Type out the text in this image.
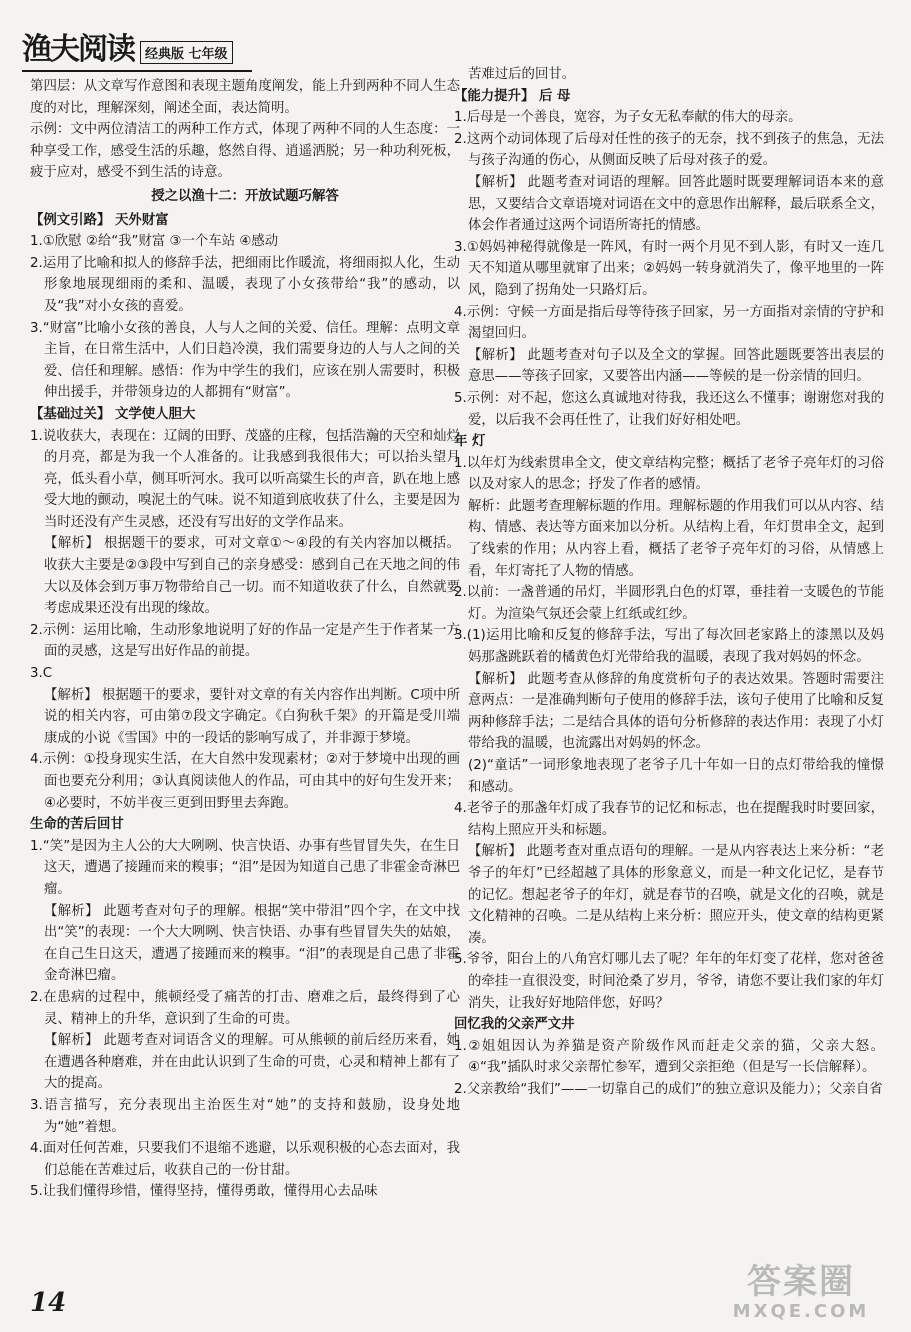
渔夫阅读 经典版 七年级
第四层：从文章写作意图和表现主题角度阐发，能上升到两种不同人生态度的对比，理解深刻，阐述全面，表达简明。
示例：文中两位清洁工的两种工作方式，体现了两种不同的人生态度：一种享受工作，感受生活的乐趣，悠然自得、逍遥洒脱；另一种功利死板，疲于应对，感受不到生活的诗意。
授之以渔十二：开放试题巧解答
【例文引路】 天外财富
1.①欣慰 ②给“我”财富 ③一个车站 ④感动
2.运用了比喻和拟人的修辞手法，把细雨比作暖流，将细雨拟人化，生动形象地展现细雨的柔和、温暖，表现了小女孩带给“我”的感动，以及“我”对小女孩的喜爱。
3.“财富”比喻小女孩的善良，人与人之间的关爱、信任。理解：点明文章主旨，在日常生活中，人们日趋冷漠，我们需要身边的人与人之间的关爱、信任和理解。感悟：作为中学生的我们，应该在别人需要时，积极伸出援手，并带领身边的人都拥有“财富”。
【基础过关】 文学使人胆大
1.说收获大，表现在：辽阔的田野、茂盛的庄稼，包括浩瀚的天空和灿烂的月亮，都是为我一个人准备的。让我感到我很伟大；可以抬头望月亮，低头看小草，侧耳听河水。我可以听高粱生长的声音，趴在地上感受大地的颤动，嗅泥土的气味。说不知道到底收获了什么，主要是因为当时还没有产生灵感，还没有写出好的文学作品来。
【解析】 根据题干的要求，可对文章①～④段的有关内容加以概括。收获大主要是②③段中写到自己的亲身感受：感到自己在天地之间的伟大以及体会到万事万物带给自己一切。而不知道收获了什么，自然就要考虑成果还没有出现的缘故。
2.示例：运用比喻，生动形象地说明了好的作品一定是产生于作者某一方面的灵感，这是写出好作品的前提。
3.C
【解析】 根据题干的要求，要针对文章的有关内容作出判断。C项中所说的相关内容，可由第⑦段文字确定。《白狗秋千架》的开篇是受川端康成的小说《雪国》中的一段话的影响写成了，并非源于梦境。
4.示例：①投身现实生活，在大自然中发现素材；②对于梦境中出现的画面也要充分利用；③认真阅读他人的作品，可由其中的好句生发开来；④必要时，不妨半夜三更到田野里去奔跑。
生命的苦后回甘
1.“笑”是因为主人公的大大咧咧、快言快语、办事有些冒冒失失，在生日这天，遭遇了接踵而来的糗事；“泪”是因为知道自己患了非霍金奇淋巴瘤。
【解析】 此题考查对句子的理解。根据“笑中带泪”四个字，在文中找出“笑”的表现：一个大大咧咧、快言快语、办事有些冒冒失失的姑娘，在自己生日这天，遭遇了接踵而来的糗事。“泪”的表现是自己患了非霍金奇淋巴瘤。
2.在患病的过程中，熊顿经受了痛苦的打击、磨难之后，最终得到了心灵、精神上的升华，意识到了生命的可贵。
【解析】 此题考查对词语含义的理解。可从熊顿的前后经历来看，她在遭遇各种磨难，并在由此认识到了生命的可贵，心灵和精神上都有了大的提高。
3.语言描写，充分表现出主治医生对“她”的支持和鼓励，设身处地为“她”着想。
4.面对任何苦难，只要我们不退缩不逃避，以乐观积极的心态去面对，我们总能在苦难过后，收获自己的一份甘甜。
5.让我们懂得珍惜，懂得坚持，懂得勇敢，懂得用心去品味
苦难过后的回甘。
【能力提升】 后 母
1.后母是一个善良，宽容，为子女无私奉献的伟大的母亲。
2.这两个动词体现了后母对任性的孩子的无奈，找不到孩子的焦急，无法与孩子沟通的伤心，从侧面反映了后母对孩子的爱。
【解析】 此题考查对词语的理解。回答此题时既要理解词语本来的意思，又要结合文章语境对词语在文中的意思作出解释，最后联系全文，体会作者通过这两个词语所寄托的情感。
3.①妈妈神秘得就像是一阵风，有时一两个月见不到人影，有时又一连几天不知道从哪里就窜了出来；②妈妈一转身就消失了，像平地里的一阵风，隐到了拐角处一只路灯后。
4.示例：守候一方面是指后母等待孩子回家，另一方面指对亲情的守护和渴望回归。
【解析】 此题考查对句子以及全文的掌握。回答此题既要答出表层的意思——等孩子回家，又要答出内涵——等候的是一份亲情的回归。
5.示例：对不起，您这么真诚地对待我，我还这么不懂事；谢谢您对我的爱，以后我不会再任性了，让我们好好相处吧。
年 灯
1.以年灯为线索贯串全文，使文章结构完整；概括了老爷子亮年灯的习俗以及对家人的思念；抒发了作者的感情。
解析：此题考查理解标题的作用。理解标题的作用我们可以从内容、结构、情感、表达等方面来加以分析。从结构上看，年灯贯串全文，起到了线索的作用；从内容上看，概括了老爷子亮年灯的习俗，从情感上看，年灯寄托了人物的情感。
2.以前：一盏普通的吊灯，半圆形乳白色的灯罩，垂挂着一支暖色的节能灯。为渲染气氛还会蒙上红纸或红纱。
3.(1)运用比喻和反复的修辞手法，写出了每次回老家路上的漆黑以及妈妈那盏跳跃着的橘黄色灯光带给我的温暖，表现了我对妈妈的怀念。
【解析】 此题考查从修辞的角度赏析句子的表达效果。答题时需要注意两点：一是准确判断句子使用的修辞手法，该句子使用了比喻和反复两种修辞手法；二是结合具体的语句分析修辞的表达作用：表现了小灯带给我的温暖，也流露出对妈妈的怀念。
(2)“童话”一词形象地表现了老爷子几十年如一日的点灯带给我的憧憬和感动。
4.老爷子的那盏年灯成了我春节的记忆和标志，也在提醒我时时要回家，结构上照应开头和标题。
【解析】 此题考查对重点语句的理解。一是从内容表达上来分析：“老爷子的年灯”已经超越了具体的形象意义，而是一种文化记忆，是春节的记忆。想起老爷子的年灯，就是春节的召唤，就是文化的召唤，就是文化精神的召唤。二是从结构上来分析：照应开头，使文章的结构更紧凑。
5.爷爷，阳台上的八角宫灯哪儿去了呢？年年的年灯变了花样，您对爸爸的牵挂一直很没变，时间沧桑了岁月，爷爷，请您不要让我们家的年灯消失，让我好好地陪伴您，好吗？
回忆我的父亲严文井
1.②姐姐因认为养猫是资产阶级作风而赶走父亲的猫，父亲大怒。④“我”插队时求父亲帮忙参军，遭到父亲拒绝（但是写一长信解释）。
2.父亲教给“我们”——一切靠自己的成们”的独立意识及能力）；父亲自省
14
答案圈
MXQE.COM
